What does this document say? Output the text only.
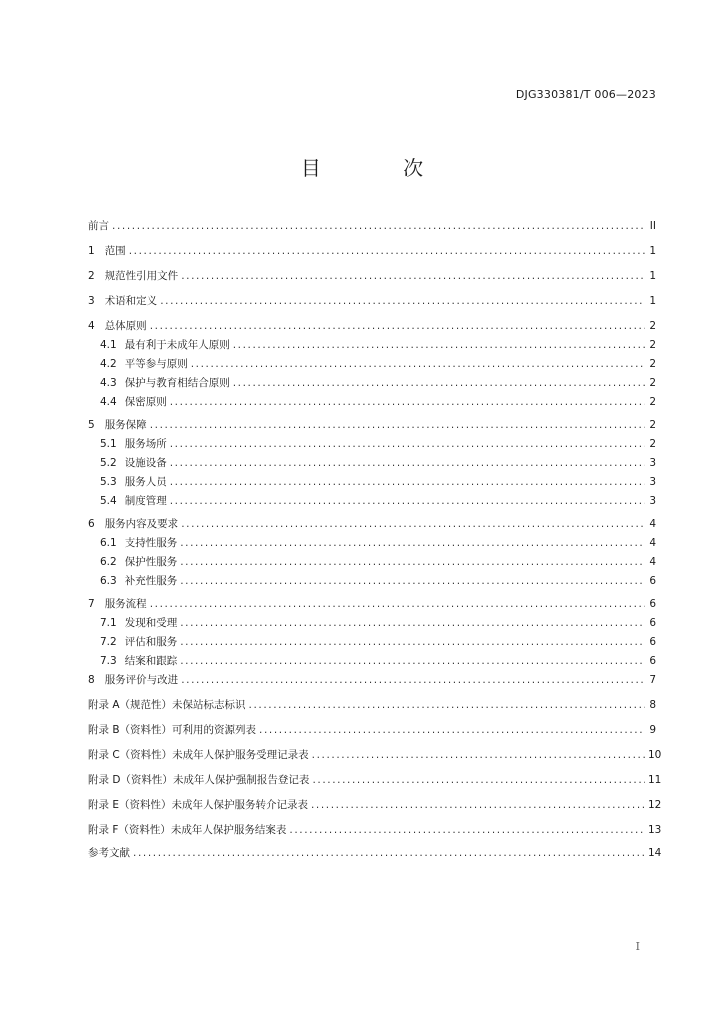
DJG330381/T 006—2023
目 次
前言 .....	II
1 范围 .....	1
2 规范性引用文件 .....	1
3 术语和定义 .....	1
4 总体原则 .....	2
4.1 最有利于未成年人原则 .....	2
4.2 平等参与原则 .....	2
4.3 保护与教育相结合原则 .....	2
4.4 保密原则 .....	2
5 服务保障 .....	2
5.1 服务场所 .....	2
5.2 设施设备 .....	3
5.3 服务人员 .....	3
5.4 制度管理 .....	3
6 服务内容及要求 .....	4
6.1 支持性服务 .....	4
6.2 保护性服务 .....	4
6.3 补充性服务 .....	6
7 服务流程 .....	6
7.1 发现和受理 .....	6
7.2 评估和服务 .....	6
7.3 结案和跟踪 .....	6
8 服务评价与改进 .....	7
附录 A（规范性） 未保站标志标识 .....	8
附录 B（资料性） 可利用的资源列表 .....	9
附录 C（资料性） 未成年人保护服务受理记录表 .....	10
附录 D（资料性） 未成年人保护强制报告登记表 .....	11
附录 E（资料性） 未成年人保护服务转介记录表 .....	12
附录 F（资料性） 未成年人保护服务结案表 .....	13
参考文献 .....	14
I
